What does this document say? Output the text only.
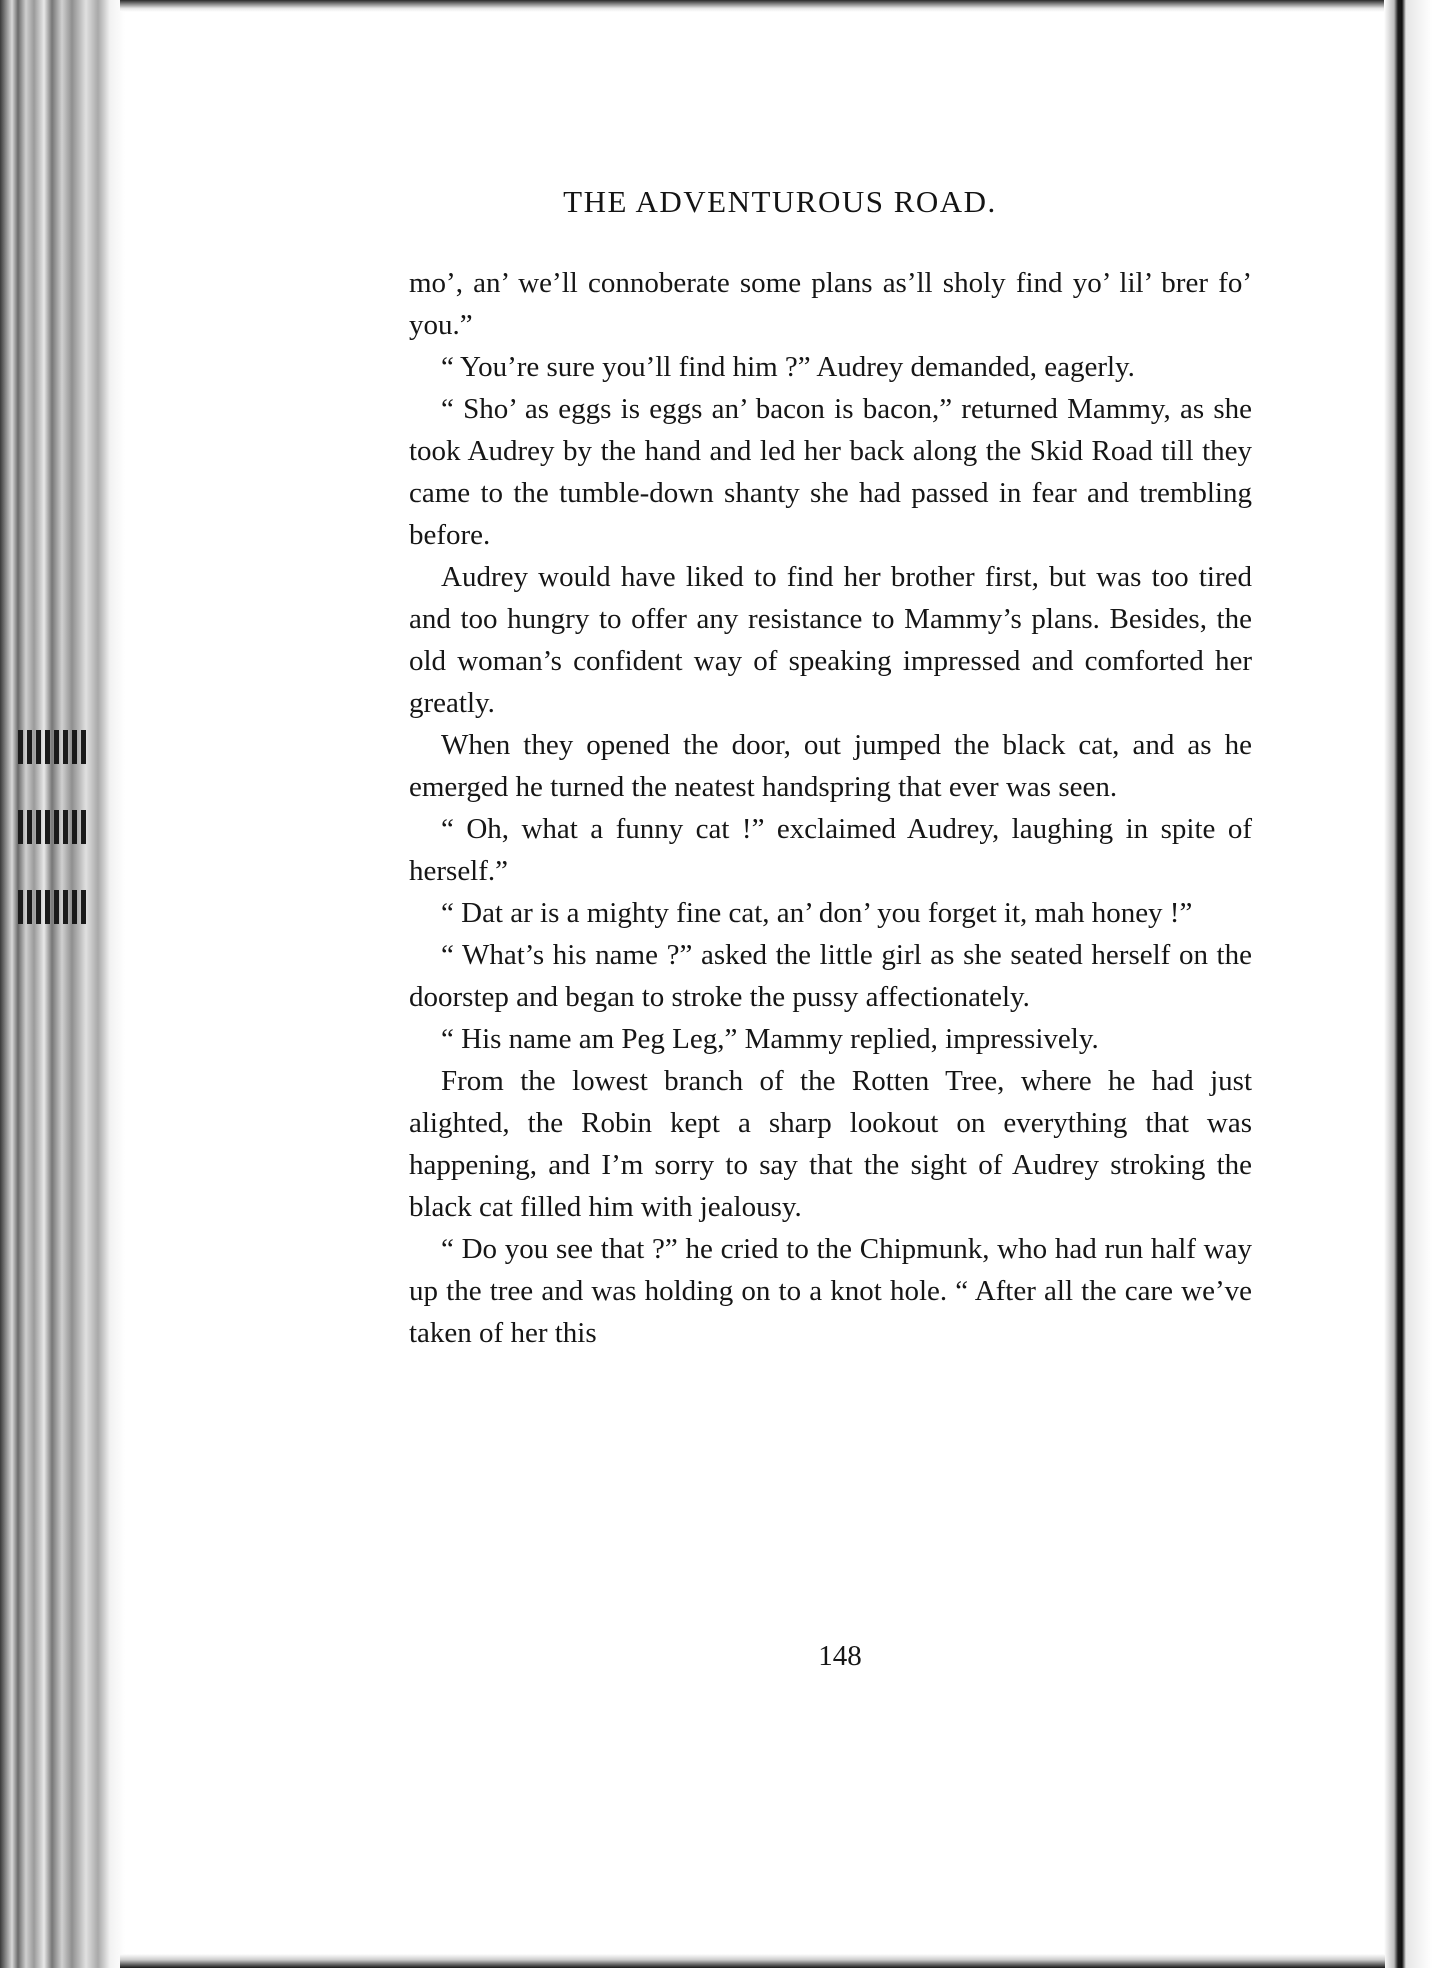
THE ADVENTUROUS ROAD.

mo’, an’ we’ll connoberate some plans as’ll sholy find yo’ lil’ brer fo’ you.”

“ You’re sure you’ll find him ?” Audrey demanded, eagerly.

“ Sho’ as eggs is eggs an’ bacon is bacon,” returned Mammy, as she took Audrey by the hand and led her back along the Skid Road till they came to the tumble-down shanty she had passed in fear and trembling before.

Audrey would have liked to find her brother first, but was too tired and too hungry to offer any resistance to Mammy’s plans. Besides, the old woman’s confident way of speaking impressed and comforted her greatly.

When they opened the door, out jumped the black cat, and as he emerged he turned the neatest handspring that ever was seen.

“ Oh, what a funny cat !” exclaimed Audrey, laughing in spite of herself.”

“ Dat ar is a mighty fine cat, an’ don’ you forget it, mah honey !”

“ What’s his name ?” asked the little girl as she seated herself on the doorstep and began to stroke the pussy affectionately.

“ His name am Peg Leg,” Mammy replied, impressively.

From the lowest branch of the Rotten Tree, where he had just alighted, the Robin kept a sharp lookout on everything that was happening, and I’m sorry to say that the sight of Audrey stroking the black cat filled him with jealousy.

“ Do you see that ?” he cried to the Chipmunk, who had run half way up the tree and was holding on to a knot hole. “ After all the care we’ve taken of her this

148
